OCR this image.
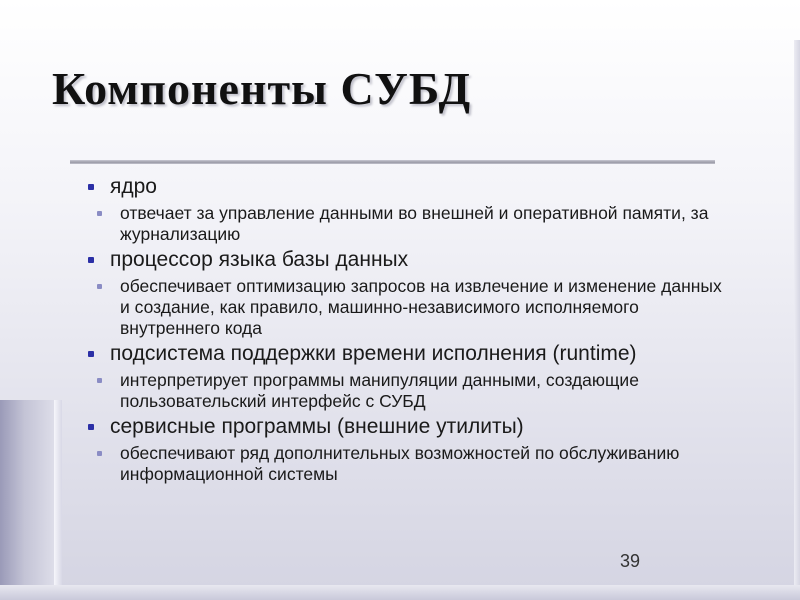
Компоненты СУБД
ядро
отвечает за управление данными во внешней и оперативной памяти, за журнализацию
процессор языка базы данных
обеспечивает оптимизацию запросов на извлечение и изменение данных и создание, как правило, машинно-независимого исполняемого внутреннего кода
подсистема поддержки времени исполнения (runtime)
интерпретирует программы манипуляции данными, создающие пользовательский интерфейс с СУБД
сервисные программы (внешние утилиты)
обеспечивают ряд дополнительных возможностей по обслуживанию информационной системы
39
